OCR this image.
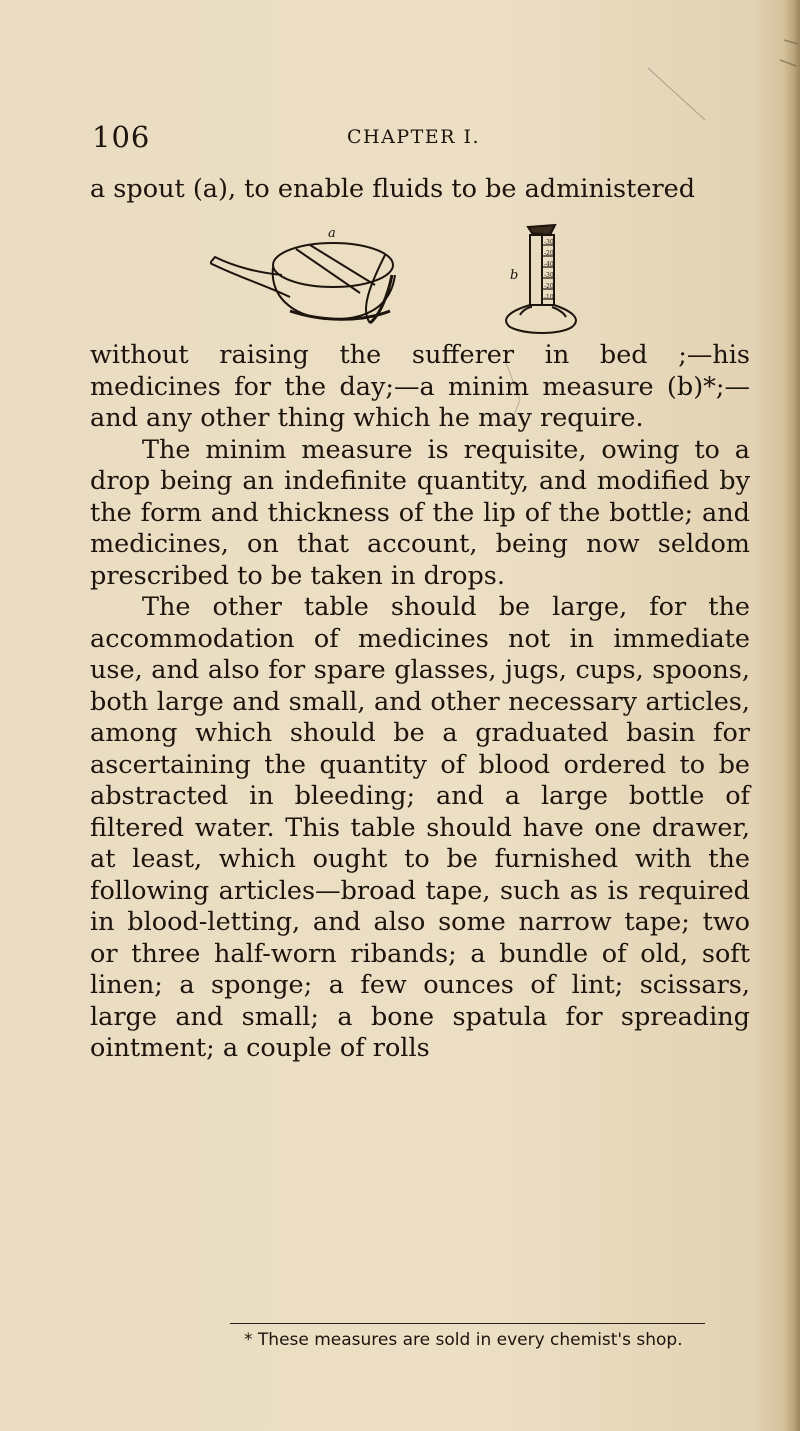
106	CHAPTER I.
a spout (a), to enable fluids to be administered
a
b
-30
-20
-40
-30
-20
-10

without raising the sufferer in bed ;—his medicines for the day;—a minim measure (b)*;—and any other thing which he may require.

The minim measure is requisite, owing to a drop being an indefinite quantity, and modified by the form and thickness of the lip of the bottle; and medicines, on that account, being now seldom prescribed to be taken in drops.

The other table should be large, for the accommodation of medicines not in immediate use, and also for spare glasses, jugs, cups, spoons, both large and small, and other necessary articles, among which should be a graduated basin for ascertaining the quantity of blood ordered to be abstracted in bleeding; and a large bottle of filtered water. This table should have one drawer, at least, which ought to be furnished with the following articles—broad tape, such as is required in blood-letting, and also some narrow tape; two or three half-worn ribands; a bundle of old, soft linen; a sponge; a few ounces of lint; scissars, large and small; a bone spatula for spreading ointment; a couple of rolls

* These measures are sold in every chemist's shop.
